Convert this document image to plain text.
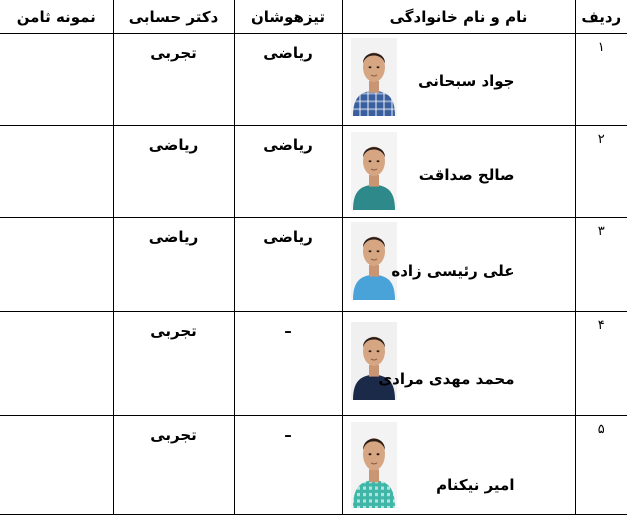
ردیف	نام و نام خانوادگی	تیزهوشان	دکتر حسابی	نمونه ثامن
۱	جواد سبحانی	ریاضی	تجربی	
۲	صالح صداقت	ریاضی	ریاضی	
۳	علی رئیسی زاده	ریاضی	ریاضی	
۴	محمد مهدی مرادی	–	تجربی	
۵	امیر نیکنام	–	تجربی	
